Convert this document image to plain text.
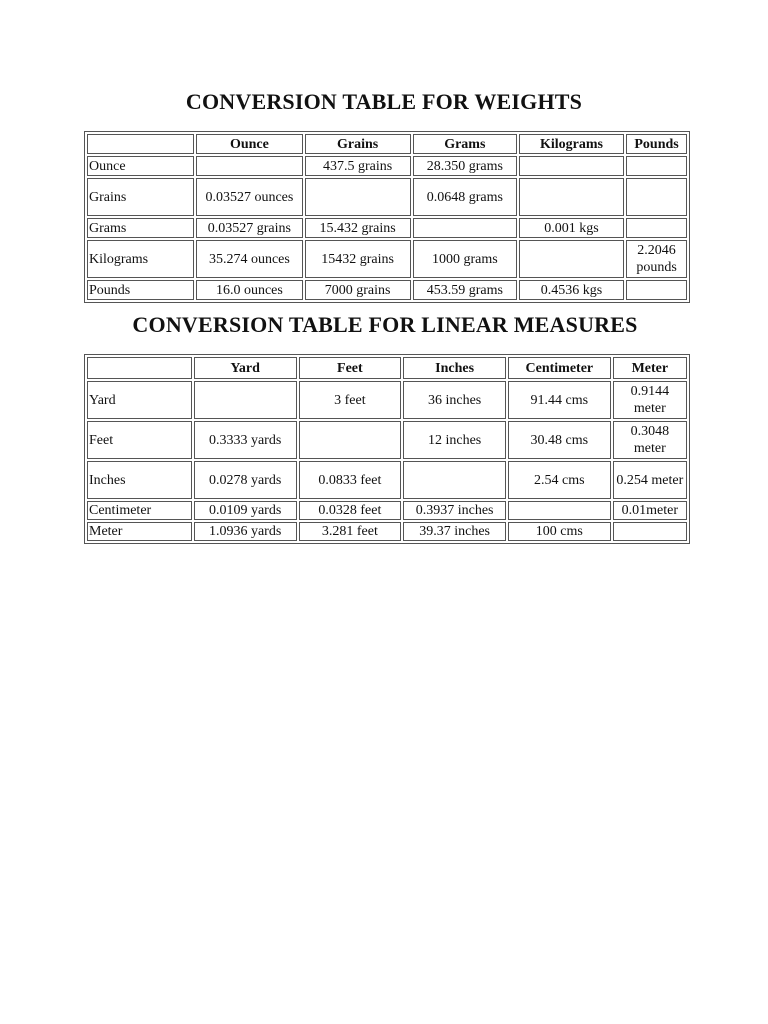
CONVERSION TABLE FOR WEIGHTS
	Ounce	Grains	Grams	Kilograms	Pounds
Ounce		437.5 grains	28.350 grams		
Grains	0.03527 ounces		0.0648 grams		
Grams	0.03527 grains	15.432 grains		0.001 kgs	
Kilograms	35.274 ounces	15432 grains	1000 grams		2.2046 pounds
Pounds	16.0 ounces	7000 grains	453.59 grams	0.4536 kgs	
CONVERSION TABLE FOR LINEAR MEASURES
	Yard	Feet	Inches	Centimeter	Meter
Yard		3 feet	36 inches	91.44 cms	0.9144 meter
Feet	0.3333 yards		12 inches	30.48 cms	0.3048 meter
Inches	0.0278 yards	0.0833 feet		2.54 cms	0.254 meter
Centimeter	0.0109 yards	0.0328 feet	0.3937 inches		0.01meter
Meter	1.0936 yards	3.281 feet	39.37 inches	100 cms	
